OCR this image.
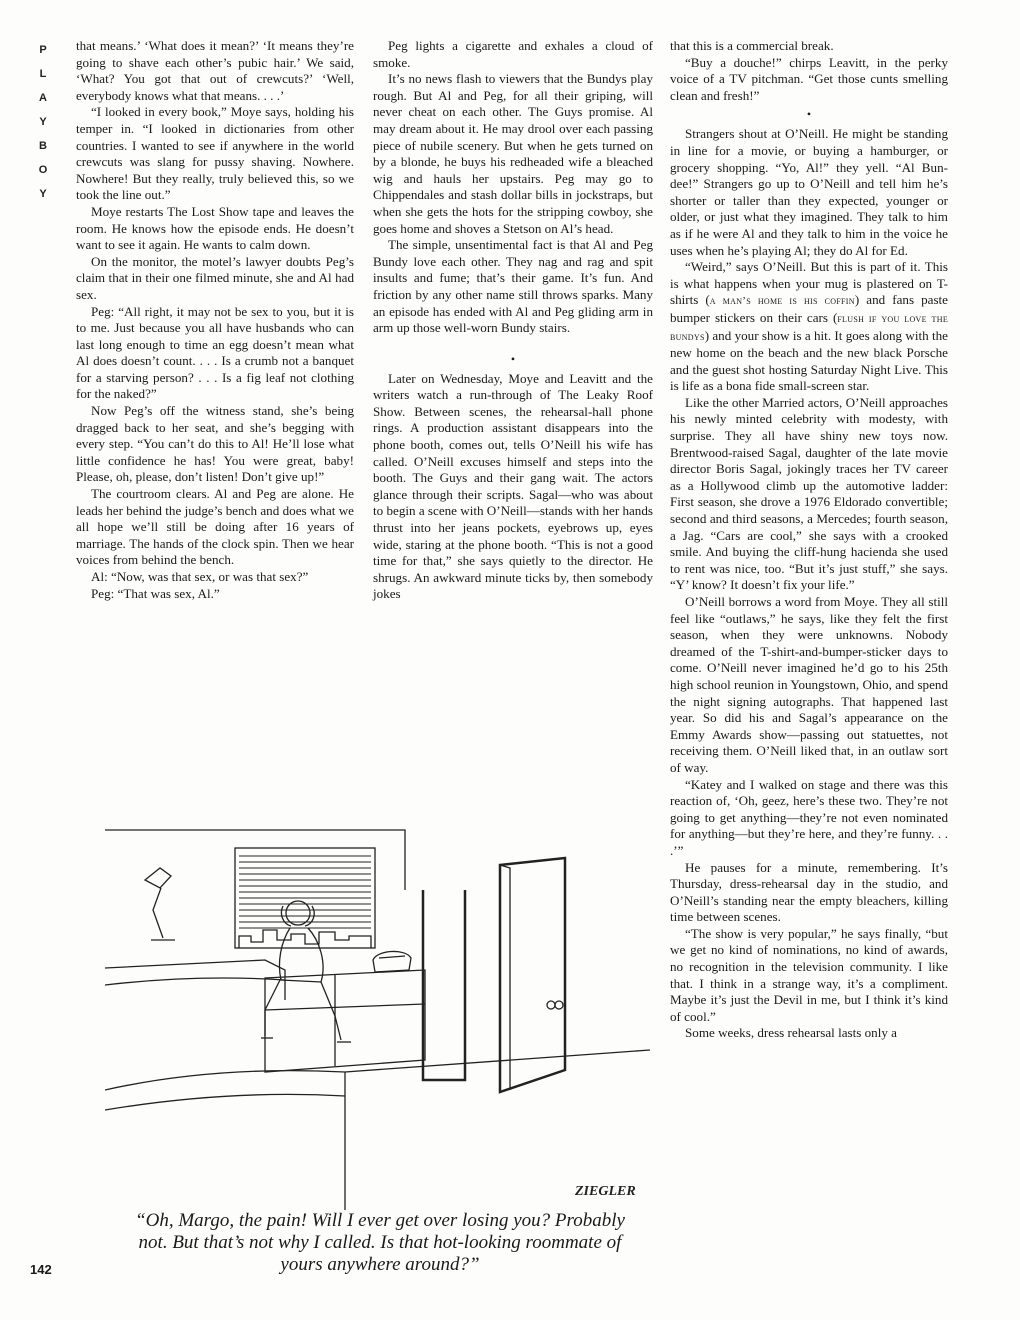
P
L
A
Y
B
O
Y

that means.’ ‘What does it mean?’ ‘It means they’re going to shave each other’s pubic hair.’ We said, ‘What? You got that out of crewcuts?’ ‘Well, everybody knows what that means. . . .’

“I looked in every book,” Moye says, holding his temper in. “I looked in dictionaries from other countries. I wanted to see if anywhere in the world crewcuts was slang for pussy shaving. Nowhere. Nowhere! But they really, truly believed this, so we took the line out.”

Moye restarts The Lost Show tape and leaves the room. He knows how the episode ends. He doesn’t want to see it again. He wants to calm down.

On the monitor, the motel’s lawyer doubts Peg’s claim that in their one filmed minute, she and Al had sex.

Peg: “All right, it may not be sex to you, but it is to me. Just because you all have husbands who can last long enough to time an egg doesn’t mean what Al does doesn’t count. . . . Is a crumb not a banquet for a starving person? . . . Is a fig leaf not clothing for the naked?”

Now Peg’s off the witness stand, she’s being dragged back to her seat, and she’s begging with every step. “You can’t do this to Al! He’ll lose what little confidence he has! You were great, baby! Please, oh, please, don’t listen! Don’t give up!”

The courtroom clears. Al and Peg are alone. He leads her behind the judge’s bench and does what we all hope we’ll still be doing after 16 years of marriage. The hands of the clock spin. Then we hear voices from behind the bench.

Al: “Now, was that sex, or was that sex?”

Peg: “That was sex, Al.”

Peg lights a cigarette and exhales a cloud of smoke.

It’s no news flash to viewers that the Bundys play rough. But Al and Peg, for all their griping, will never cheat on each other. The Guys promise. Al may dream about it. He may drool over each passing piece of nubile scenery. But when he gets turned on by a blonde, he buys his redheaded wife a bleached wig and hauls her upstairs. Peg may go to Chippendales and stash dollar bills in jockstraps, but when she gets the hots for the stripping cowboy, she goes home and shoves a Stetson on Al’s head.

The simple, unsentimental fact is that Al and Peg Bundy love each other. They nag and rag and spit insults and fume; that’s their game. It’s fun. And friction by any other name still throws sparks. Many an episode has ended with Al and Peg gliding arm in arm up those well-worn Bundy stairs.

•

Later on Wednesday, Moye and Leavitt and the writers watch a run-through of The Leaky Roof Show. Between scenes, the rehearsal-hall phone rings. A production assistant disappears into the phone booth, comes out, tells O’Neill his wife has called. O’Neill excuses himself and steps into the booth. The Guys and their gang wait. The actors glance through their scripts. Sagal—who was about to begin a scene with O’Neill—stands with her hands thrust into her jeans pockets, eyebrows up, eyes wide, staring at the phone booth. “This is not a good time for that,” she says quietly to the director. He shrugs. An awkward minute ticks by, then somebody jokes

that this is a commercial break.

“Buy a douche!” chirps Leavitt, in the perky voice of a TV pitchman. “Get those cunts smelling clean and fresh!”

•

Strangers shout at O’Neill. He might be standing in line for a movie, or buying a hamburger, or grocery shopping. “Yo, Al!” they yell. “Al Bun-dee!” Strangers go up to O’Neill and tell him he’s shorter or taller than they expected, younger or older, or just what they imagined. They talk to him as if he were Al and they talk to him in the voice he uses when he’s playing Al; they do Al for Ed.

“Weird,” says O’Neill. But this is part of it. This is what happens when your mug is plastered on T-shirts (a man’s home is his coffin) and fans paste bumper stickers on their cars (flush if you love the bundys) and your show is a hit. It goes along with the new home on the beach and the new black Porsche and the guest shot hosting Saturday Night Live. This is life as a bona fide small-screen star.

Like the other Married actors, O’Neill approaches his newly minted celebrity with modesty, with surprise. They all have shiny new toys now. Brentwood-raised Sagal, daughter of the late movie director Boris Sagal, jokingly traces her TV career as a Hollywood climb up the automotive ladder: First season, she drove a 1976 Eldorado convertible; second and third seasons, a Mercedes; fourth season, a Jag. “Cars are cool,” she says with a crooked smile. And buying the cliff-hung hacienda she used to rent was nice, too. “But it’s just stuff,” she says. “Y’ know? It doesn’t fix your life.”

O’Neill borrows a word from Moye. They all still feel like “outlaws,” he says, like they felt the first season, when they were unknowns. Nobody dreamed of the T-shirt-and-bumper-sticker days to come. O’Neill never imagined he’d go to his 25th high school reunion in Youngstown, Ohio, and spend the night signing autographs. That happened last year. So did his and Sagal’s appearance on the Emmy Awards show—passing out statuettes, not receiving them. O’Neill liked that, in an outlaw sort of way.

“Katey and I walked on stage and there was this reaction of, ‘Oh, geez, here’s these two. They’re not going to get anything—they’re not even nominated for anything—but they’re here, and they’re funny. . . .’”

He pauses for a minute, remembering. It’s Thursday, dress-rehearsal day in the studio, and O’Neill’s standing near the empty bleachers, killing time between scenes.

“The show is very popular,” he says finally, “but we get no kind of nominations, no kind of awards, no recognition in the television community. I like that. I think in a strange way, it’s a compliment. Maybe it’s just the Devil in me, but I think it’s kind of cool.”

Some weeks, dress rehearsal lasts only a

ZIEGLER
“Oh, Margo, the pain! Will I ever get over losing you? Probably not. But that’s not why I called. Is that hot-looking roommate of yours anywhere around?”
142
